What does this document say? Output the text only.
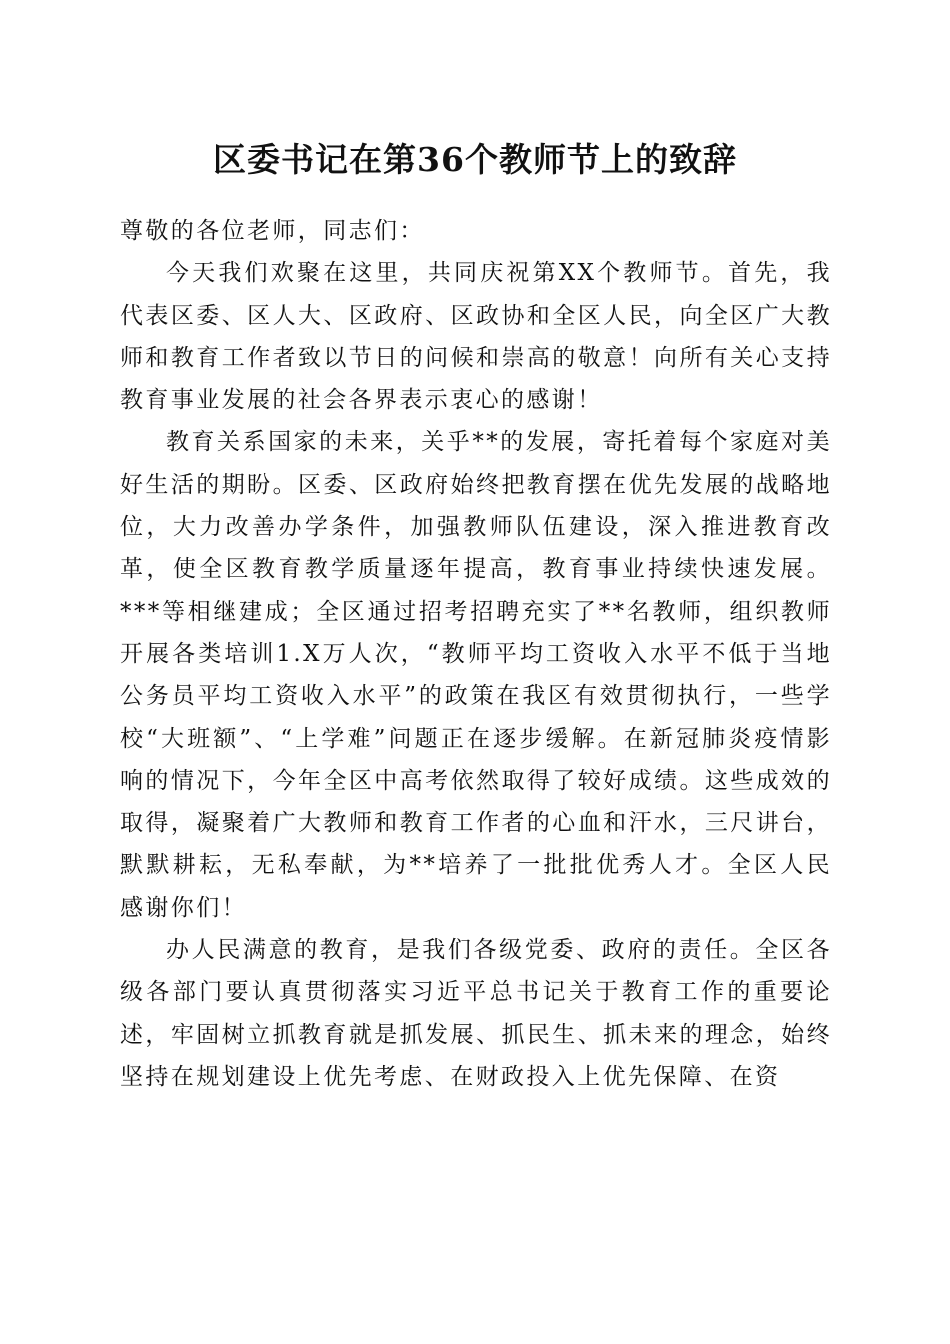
区委书记在第36个教师节上的致辞

尊敬的各位老师，同志们：

今天我们欢聚在这里，共同庆祝第XX个教师节。首先，我代表区委、区人大、区政府、区政协和全区人民，向全区广大教师和教育工作者致以节日的问候和崇高的敬意！向所有关心支持教育事业发展的社会各界表示衷心的感谢！

教育关系国家的未来，关乎**的发展，寄托着每个家庭对美好生活的期盼。区委、区政府始终把教育摆在优先发展的战略地位，大力改善办学条件，加强教师队伍建设，深入推进教育改革，使全区教育教学质量逐年提高，教育事业持续快速发展。***等相继建成；全区通过招考招聘充实了**名教师，组织教师开展各类培训1.X万人次，“教师平均工资收入水平不低于当地公务员平均工资收入水平”的政策在我区有效贯彻执行，一些学校“大班额”、“上学难”问题正在逐步缓解。在新冠肺炎疫情影响的情况下，今年全区中高考依然取得了较好成绩。这些成效的取得，凝聚着广大教师和教育工作者的心血和汗水，三尺讲台，默默耕耘，无私奉献，为**培养了一批批优秀人才。全区人民感谢你们！

办人民满意的教育，是我们各级党委、政府的责任。全区各级各部门要认真贯彻落实习近平总书记关于教育工作的重要论述，牢固树立抓教育就是抓发展、抓民生、抓未来的理念，始终坚持在规划建设上优先考虑、在财政投入上优先保障、在资
